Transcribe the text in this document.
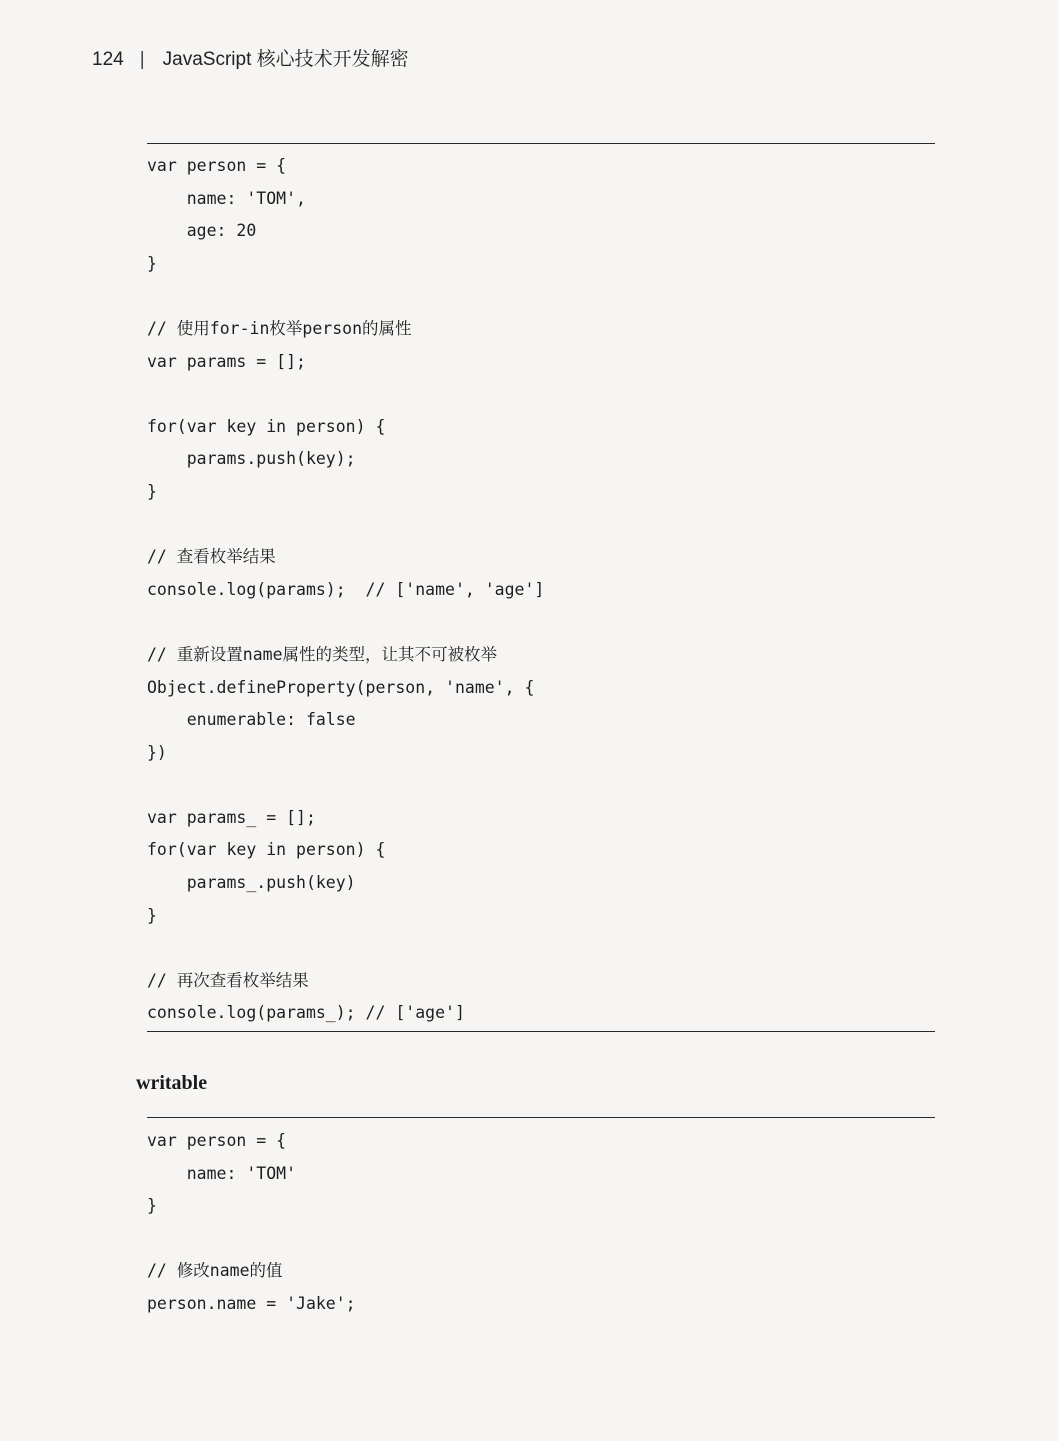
124 | JavaScript 核心技术开发解密
var person = {
name: 'TOM',
age: 20
}

// 使用for-in枚举person的属性
var params = [];

for(var key in person) {
params.push(key);
}

// 查看枚举结果
console.log(params);  // ['name', 'age']

// 重新设置name属性的类型，让其不可被枚举
Object.defineProperty(person, 'name', {
enumerable: false
})

var params_ = [];
for(var key in person) {
params_.push(key)
}

// 再次查看枚举结果
console.log(params_); // ['age']
writable
var person = {
name: 'TOM'
}

// 修改name的值
person.name = 'Jake';
